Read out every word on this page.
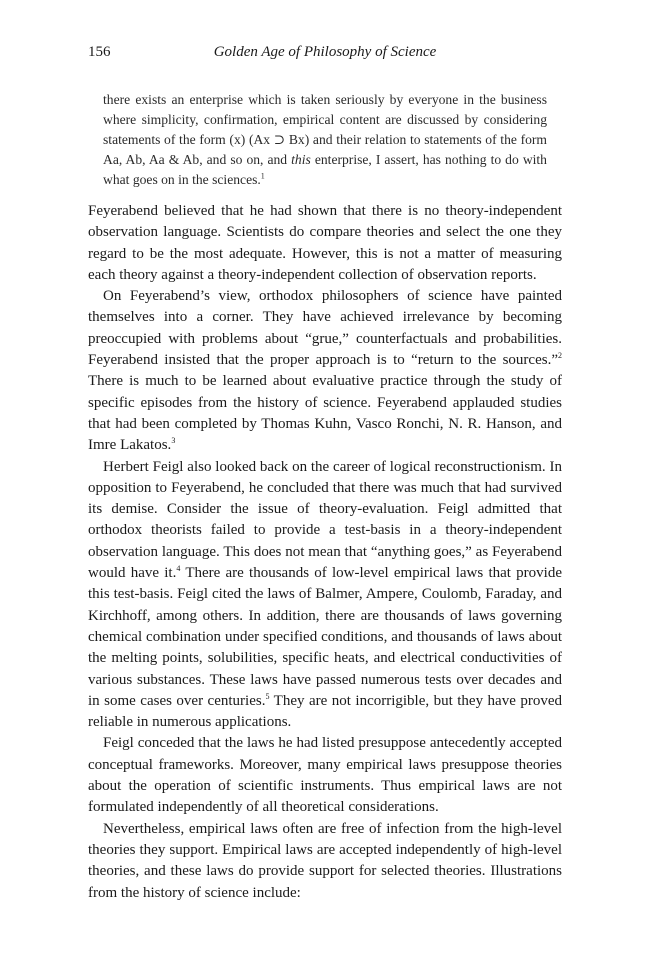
156	Golden Age of Philosophy of Science
there exists an enterprise which is taken seriously by everyone in the business where simplicity, confirmation, empirical content are discussed by considering statements of the form (x) (Ax ⊃ Bx) and their relation to statements of the form Aa, Ab, Aa & Ab, and so on, and this enterprise, I assert, has nothing to do with what goes on in the sciences.$^1$

Feyerabend believed that he had shown that there is no theory-independent observation language. Scientists do compare theories and select the one they regard to be the most adequate. However, this is not a matter of measuring each theory against a theory-independent collection of observation reports.

On Feyerabend’s view, orthodox philosophers of science have painted themselves into a corner. They have achieved irrelevance by becoming preoccupied with problems about “grue,” counterfactuals and probabilities. Feyerabend insisted that the proper approach is to “return to the sources.”$^2$ There is much to be learned about evaluative practice through the study of specific episodes from the history of science. Feyerabend applauded studies that had been completed by Thomas Kuhn, Vasco Ronchi, N. R. Hanson, and Imre Lakatos.$^3$

Herbert Feigl also looked back on the career of logical reconstructionism. In opposition to Feyerabend, he concluded that there was much that had survived its demise. Consider the issue of theory-evaluation. Feigl admitted that orthodox theorists failed to provide a test-basis in a theory-independent observation language. This does not mean that “anything goes,” as Feyerabend would have it.$^4$ There are thousands of low-level empirical laws that provide this test-basis. Feigl cited the laws of Balmer, Ampere, Coulomb, Faraday, and Kirchhoff, among others. In addition, there are thousands of laws governing chemical combination under specified conditions, and thousands of laws about the melting points, solubilities, specific heats, and electrical conductivities of various substances. These laws have passed numerous tests over decades and in some cases over centuries.$^5$ They are not incorrigible, but they have proved reliable in numerous applications.

Feigl conceded that the laws he had listed presuppose antecedently accepted conceptual frameworks. Moreover, many empirical laws presuppose theories about the operation of scientific instruments. Thus empirical laws are not formulated independently of all theoretical considerations.

Nevertheless, empirical laws often are free of infection from the high-level theories they support. Empirical laws are accepted independently of high-level theories, and these laws do provide support for selected theories. Illustrations from the history of science include:
